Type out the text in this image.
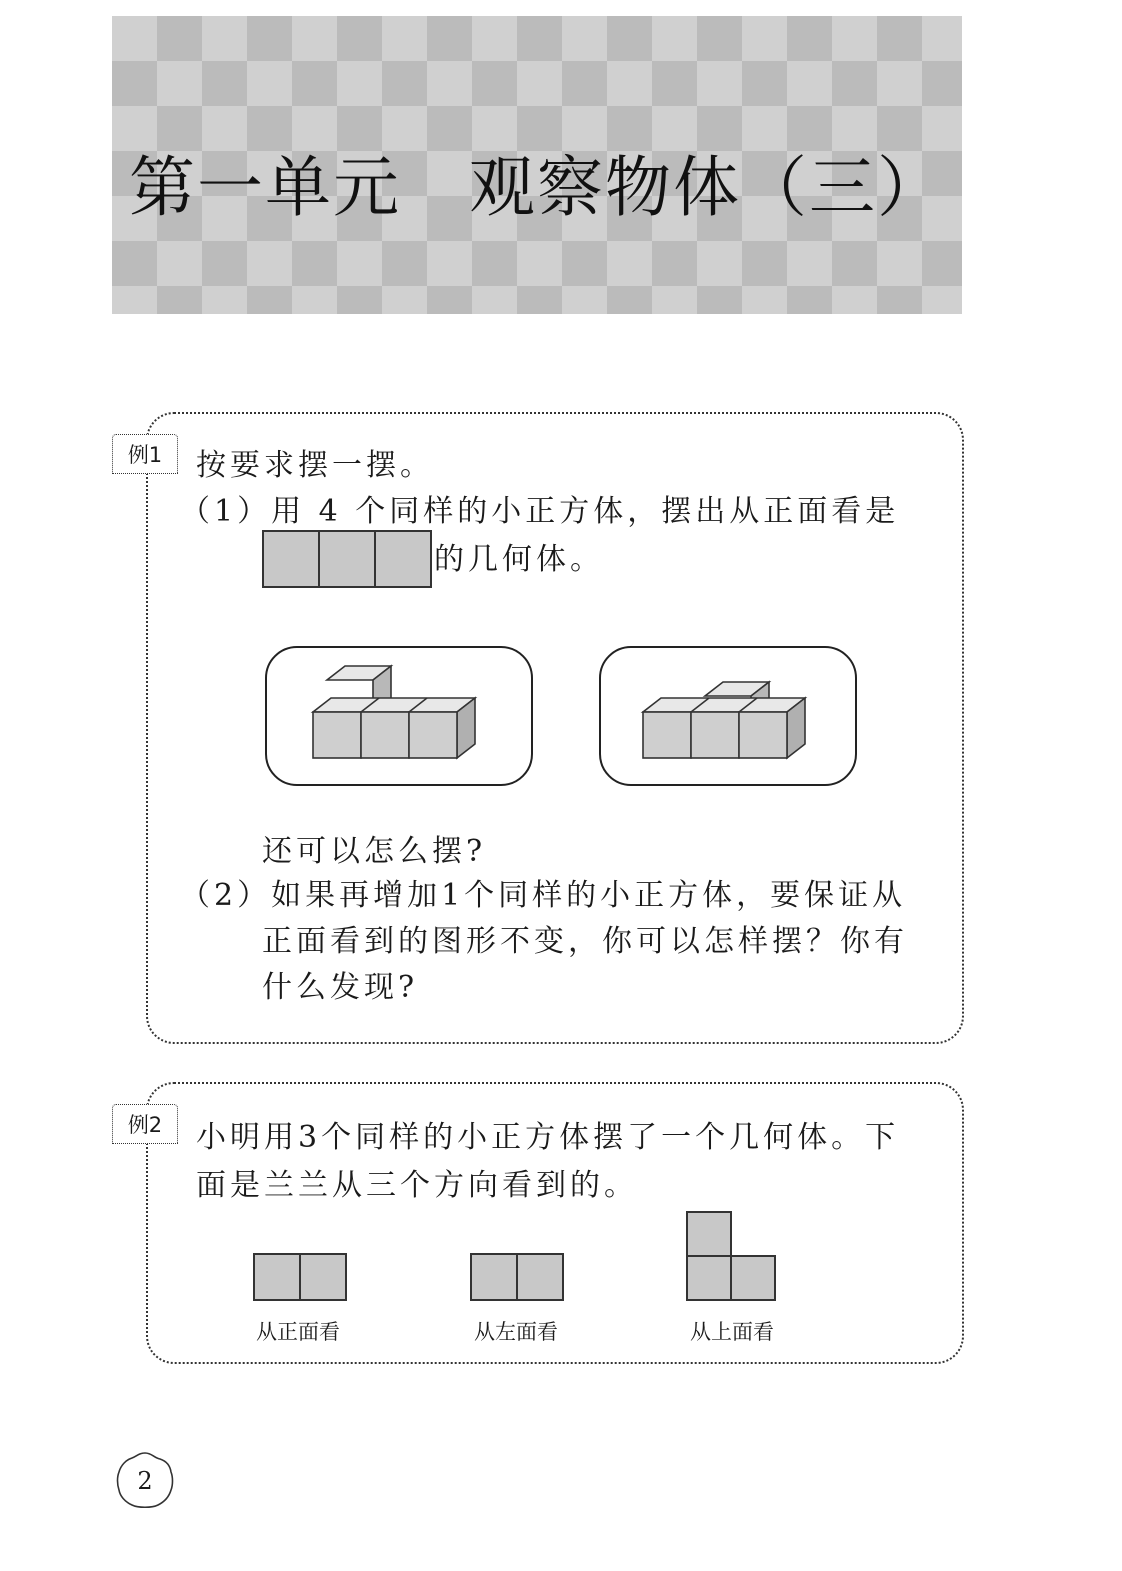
第一单元　观察物体（三）
例1	按要求摆一摆。
（1）用 4 个同样的小正方体，摆出从正面看是
的几何体。
还可以怎么摆?
（2）如果再增加1个同样的小正方体，要保证从
正面看到的图形不变，你可以怎样摆？你有
什么发现?
例2	小明用3个同样的小正方体摆了一个几何体。下
面是兰兰从三个方向看到的。
从正面看	从左面看	从上面看
2
